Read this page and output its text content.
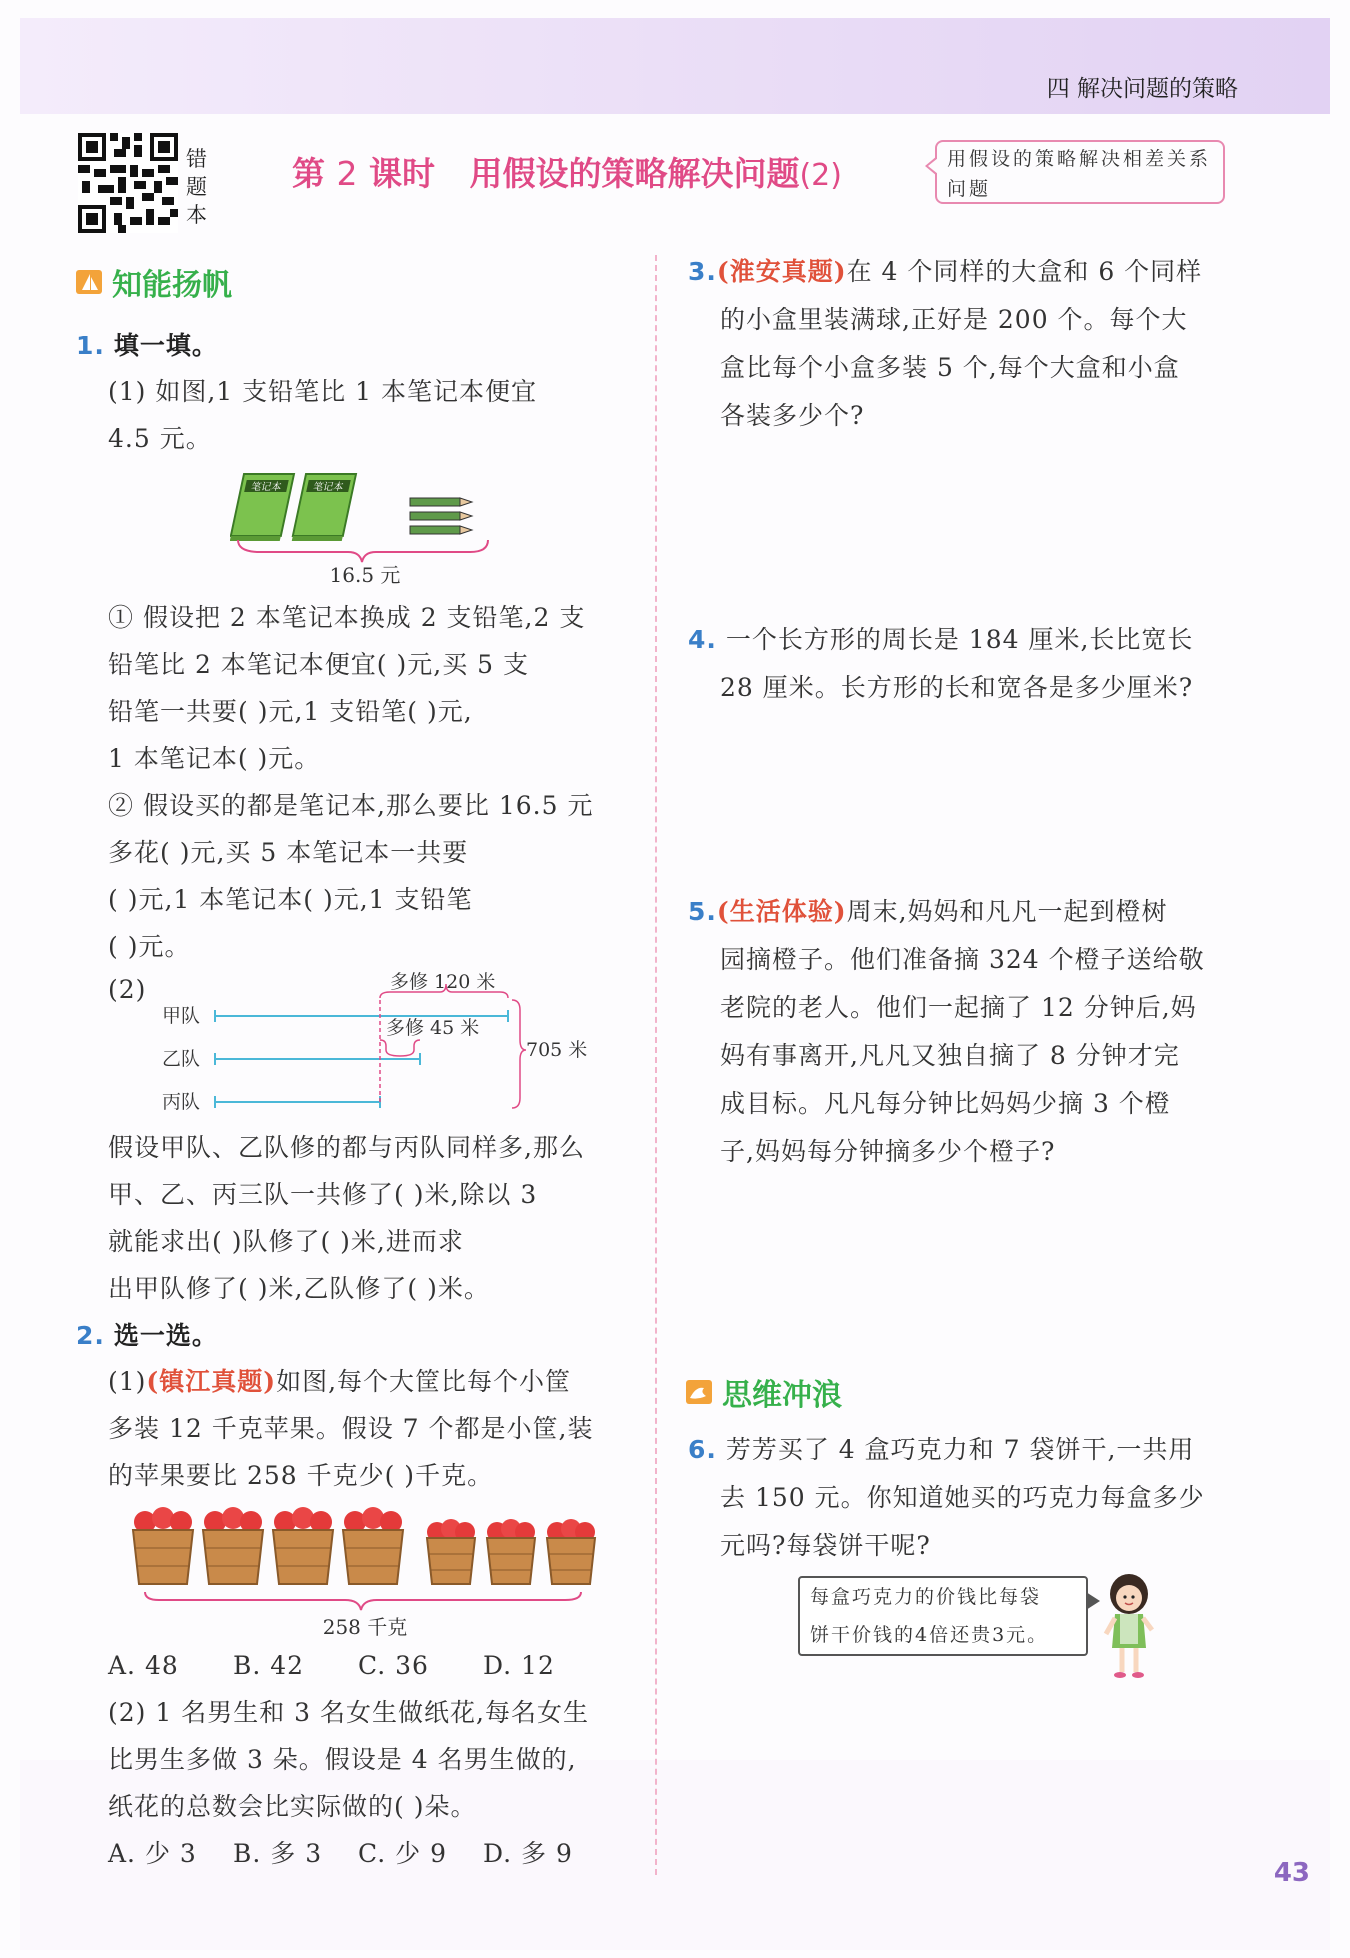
四 解决问题的策略
错题本
第 2 课时 用假设的策略解决问题(2)	用假设的策略解决相差关系问题
知能扬帆
1. 填一填。
(1) 如图,1 支铅笔比 1 本笔记本便宜
4.5 元。
笔记本	笔记本
16.5 元
① 假设把 2 本笔记本换成 2 支铅笔,2 支
铅笔比 2 本笔记本便宜( )元,买 5 支
铅笔一共要( )元,1 支铅笔( )元,
1 本笔记本( )元。
② 假设买的都是笔记本,那么要比 16.5 元
多花( )元,买 5 本笔记本一共要
( )元,1 本笔记本( )元,1 支铅笔
( )元。
(2)
甲队
乙队
丙队
多修 120 米
多修 45 米
705 米
假设甲队、乙队修的都与丙队同样多,那么
甲、乙、丙三队一共修了( )米,除以 3
就能求出( )队修了( )米,进而求
出甲队修了( )米,乙队修了( )米。
2. 选一选。
(1)(镇江真题)如图,每个大筐比每个小筐
多装 12 千克苹果。假设 7 个都是小筐,装
的苹果要比 258 千克少( )千克。
258 千克
A. 48	B. 42	C. 36	D. 12
(2) 1 名男生和 3 名女生做纸花,每名女生
比男生多做 3 朵。假设是 4 名男生做的,
纸花的总数会比实际做的( )朵。
A. 少 3	B. 多 3	C. 少 9	D. 多 9
3.(淮安真题)在 4 个同样的大盒和 6 个同样
的小盒里装满球,正好是 200 个。每个大
盒比每个小盒多装 5 个,每个大盒和小盒
各装多少个?
4. 一个长方形的周长是 184 厘米,长比宽长
28 厘米。长方形的长和宽各是多少厘米?
5.(生活体验)周末,妈妈和凡凡一起到橙树
园摘橙子。他们准备摘 324 个橙子送给敬
老院的老人。他们一起摘了 12 分钟后,妈
妈有事离开,凡凡又独自摘了 8 分钟才完
成目标。凡凡每分钟比妈妈少摘 3 个橙
子,妈妈每分钟摘多少个橙子?
思维冲浪
6. 芳芳买了 4 盒巧克力和 7 袋饼干,一共用
去 150 元。你知道她买的巧克力每盒多少
元吗?每袋饼干呢?
每盒巧克力的价钱比每袋
饼干价钱的4倍还贵3元。
43
